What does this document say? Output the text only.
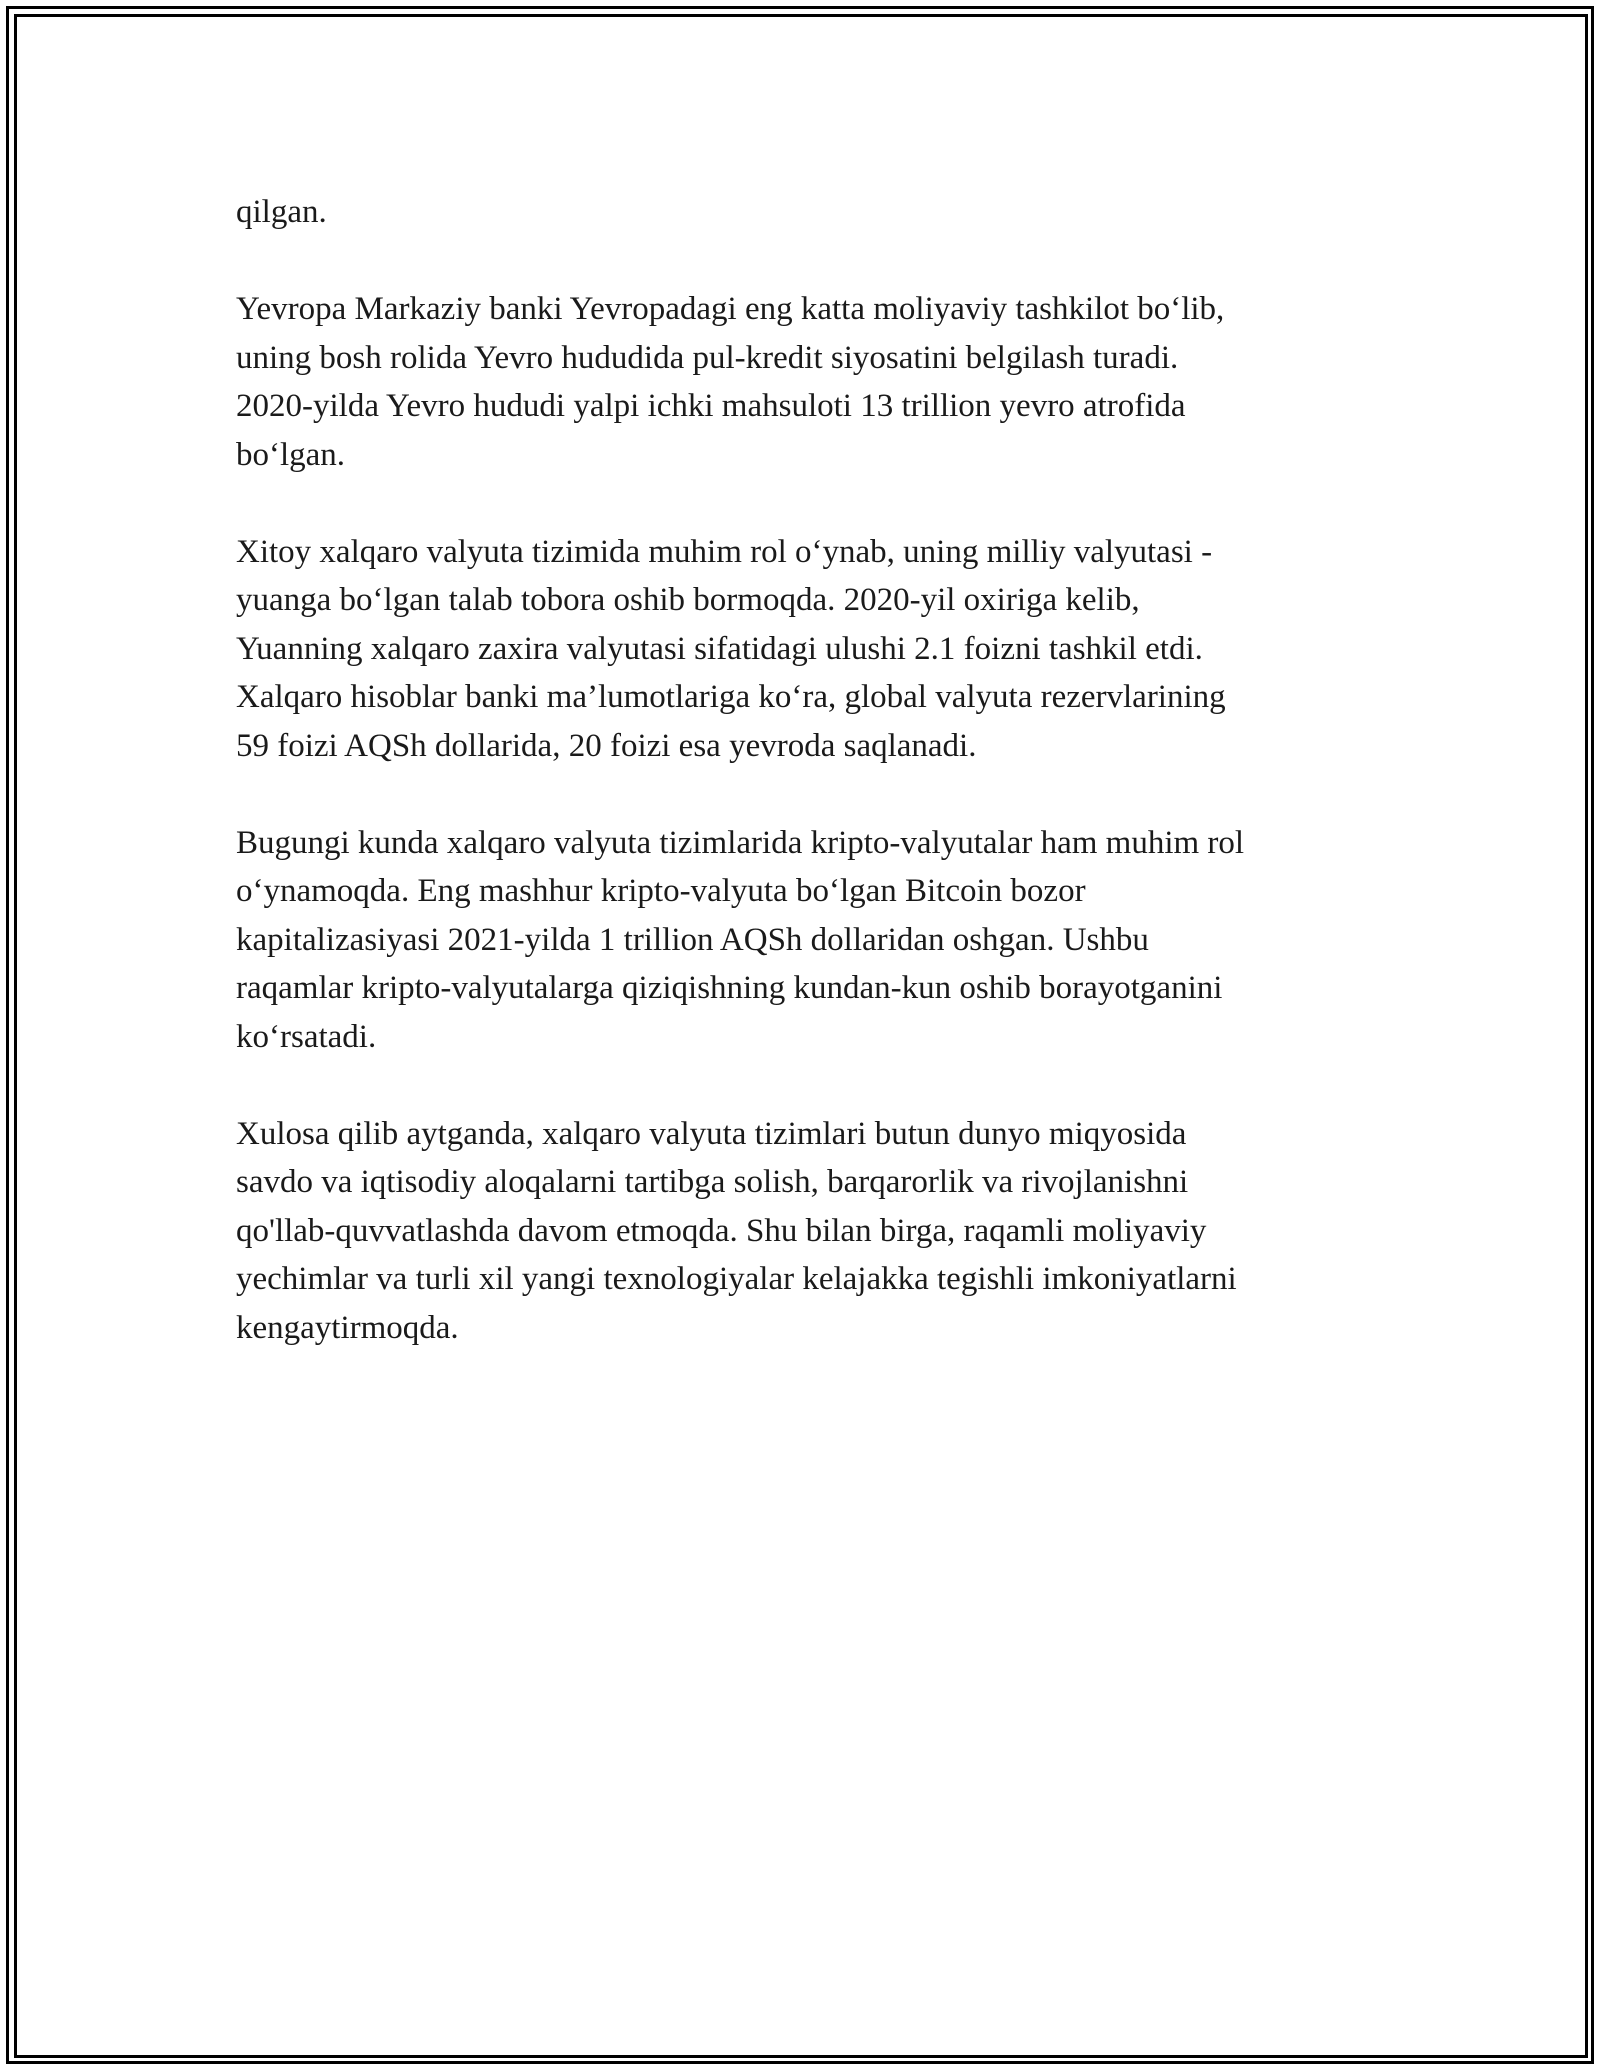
qilgan.

Yevropa Markaziy banki Yevropadagi eng katta moliyaviy tashkilot bo‘lib,
uning bosh rolida Yevro hududida pul-kredit siyosatini belgilash turadi.
2020-yilda Yevro hududi yalpi ichki mahsuloti 13 trillion yevro atrofida
bo‘lgan.

Xitoy xalqaro valyuta tizimida muhim rol o‘ynab, uning milliy valyutasi -
yuanga bo‘lgan talab tobora oshib bormoqda. 2020-yil oxiriga kelib,
Yuanning xalqaro zaxira valyutasi sifatidagi ulushi 2.1 foizni tashkil etdi.
Xalqaro hisoblar banki ma’lumotlariga ko‘ra, global valyuta rezervlarining
59 foizi AQSh dollarida, 20 foizi esa yevroda saqlanadi.

Bugungi kunda xalqaro valyuta tizimlarida kripto-valyutalar ham muhim rol
o‘ynamoqda. Eng mashhur kripto-valyuta bo‘lgan Bitcoin bozor
kapitalizasiyasi 2021-yilda 1 trillion AQSh dollaridan oshgan. Ushbu
raqamlar kripto-valyutalarga qiziqishning kundan-kun oshib borayotganini
ko‘rsatadi.

Xulosa qilib aytganda, xalqaro valyuta tizimlari butun dunyo miqyosida
savdo va iqtisodiy aloqalarni tartibga solish, barqarorlik va rivojlanishni
qo'llab-quvvatlashda davom etmoqda. Shu bilan birga, raqamli moliyaviy
yechimlar va turli xil yangi texnologiyalar kelajakka tegishli imkoniyatlarni
kengaytirmoqda.
